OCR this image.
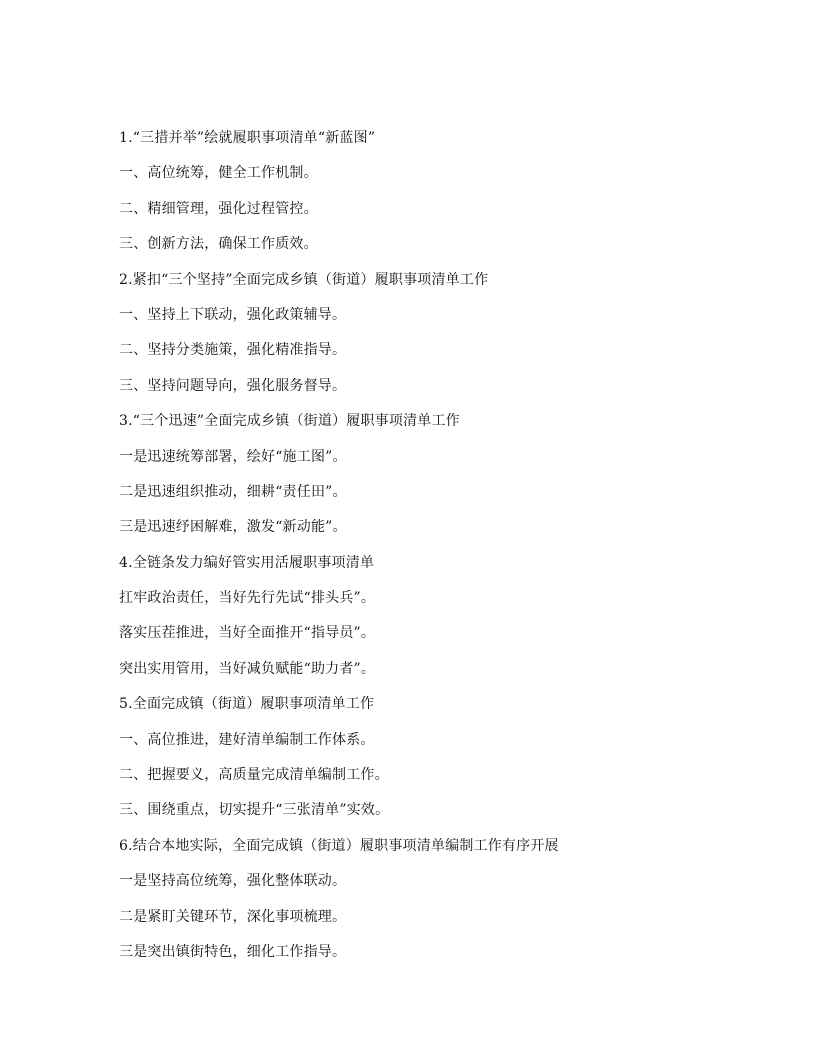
1.“三措并举”绘就履职事项清单“新蓝图”
一、高位统筹，健全工作机制。
二、精细管理，强化过程管控。
三、创新方法，确保工作质效。
2.紧扣“三个坚持”全面完成乡镇（街道）履职事项清单工作
一、坚持上下联动，强化政策辅导。
二、坚持分类施策，强化精准指导。
三、坚持问题导向，强化服务督导。
3.“三个迅速”全面完成乡镇（街道）履职事项清单工作
一是迅速统筹部署，绘好“施工图”。
二是迅速组织推动，细耕“责任田”。
三是迅速纾困解难，激发“新动能”。
4.全链条发力编好管实用活履职事项清单
扛牢政治责任，当好先行先试“排头兵”。
落实压茬推进，当好全面推开“指导员”。
突出实用管用，当好减负赋能“助力者”。
5.全面完成镇（街道）履职事项清单工作
一、高位推进，建好清单编制工作体系。
二、把握要义，高质量完成清单编制工作。
三、围绕重点，切实提升“三张清单”实效。
6.结合本地实际，全面完成镇（街道）履职事项清单编制工作有序开展
一是坚持高位统筹，强化整体联动。
二是紧盯关键环节，深化事项梳理。
三是突出镇街特色，细化工作指导。
